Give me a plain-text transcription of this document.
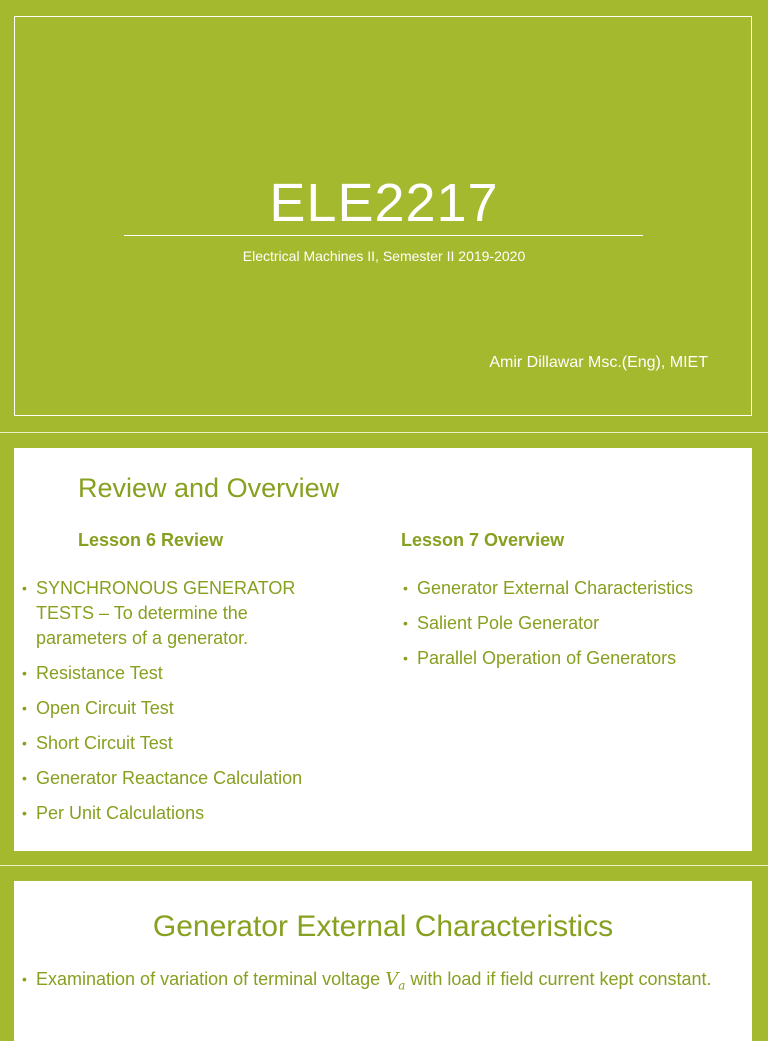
ELE2217
Electrical Machines II, Semester II 2019-2020
Amir Dillawar Msc.(Eng), MIET
Review and Overview
Lesson 6 Review	Lesson 7 Overview
• SYNCHRONOUS GENERATOR TESTS – To determine the parameters of a generator.
• Resistance Test
• Open Circuit Test
• Short Circuit Test
• Generator Reactance Calculation
• Per Unit Calculations
• Generator External Characteristics
• Salient Pole Generator
• Parallel Operation of Generators
Generator External Characteristics
• Examination of variation of terminal voltage $V_a$ with load if field current kept constant.
